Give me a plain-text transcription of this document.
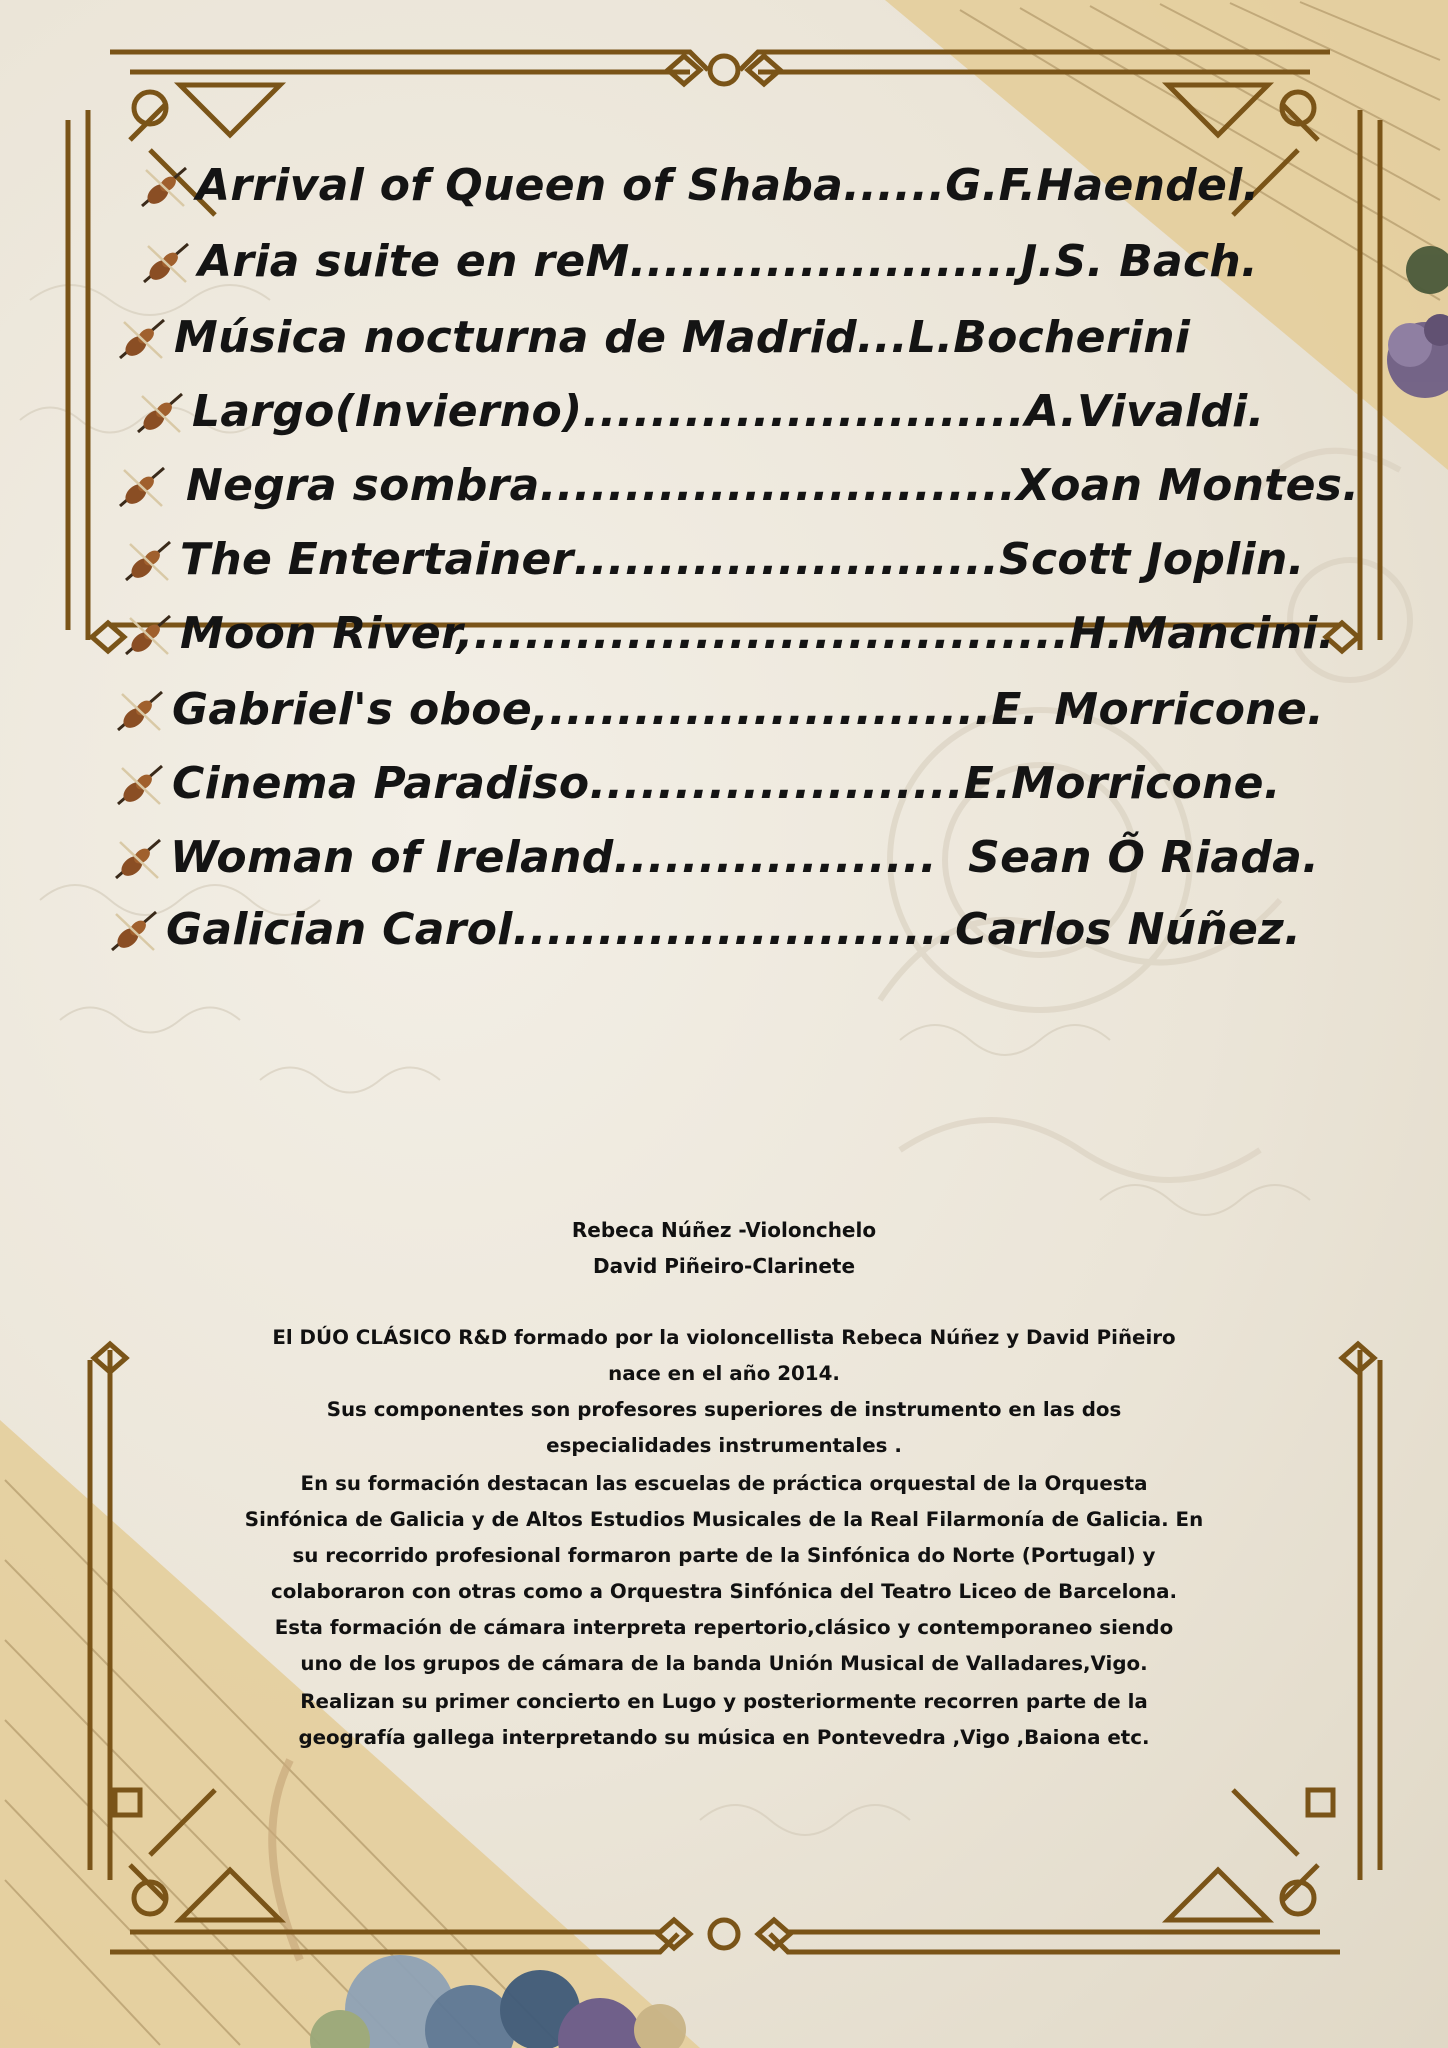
Arrival of Queen of Shaba ...... G.F.Haendel.
Aria suite en reM ....................... J.S. Bach.
Música nocturna de Madrid ... L.Bocherini
Largo(Invierno) .......................... A.Vivaldi.
Negra sombra ............................ Xoan Montes.
The Entertainer ......................... Scott Joplin.
Moon River, ................................... H.Mancini.
Gabriel's oboe, .......................... E. Morricone.
Cinema Paradiso ...................... E.Morricone.
Woman of Ireland ................... Sean Õ Riada.
Galician Carol .......................... Carlos Núñez.
Rebeca Núñez -Violonchelo
David Piñeiro-Clarinete
El DÚO CLÁSICO R&D formado por la violoncellista Rebeca Núñez y David Piñeiro
nace en el año 2014.
Sus componentes son profesores superiores de instrumento en las dos
especialidades instrumentales .
En su formación destacan las escuelas de práctica orquestal de la Orquesta
Sinfónica de Galicia y de Altos Estudios Musicales de la Real Filarmonía de Galicia. En
su recorrido profesional formaron parte de la Sinfónica do Norte (Portugal) y
colaboraron con otras como a Orquestra Sinfónica del Teatro Liceo de Barcelona.
Esta formación de cámara interpreta repertorio,clásico y contemporaneo siendo
uno de los grupos de cámara de la banda Unión Musical de Valladares,Vigo.
Realizan su primer concierto en Lugo y posteriormente recorren parte de la
geografía gallega interpretando su música en Pontevedra ,Vigo ,Baiona etc.
